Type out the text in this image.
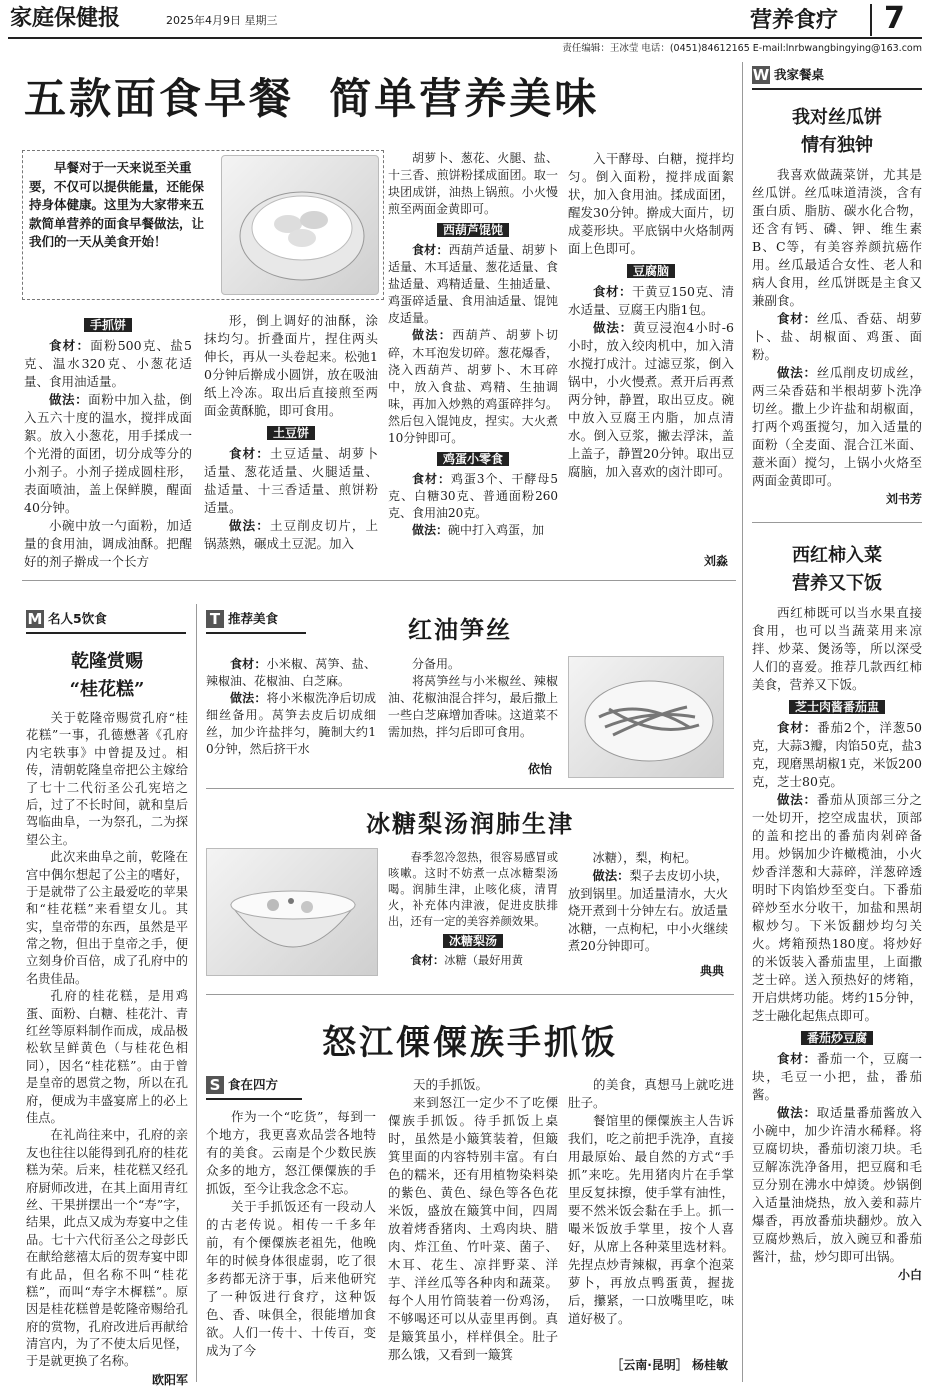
家庭保健报	2025年4月9日 星期三	营养食疗 7
责任编辑：王冰莹 电话：(0451)84612165 E-mail:lnrbwangbingying@163.com
五款面食早餐  简单营养美味
早餐对于一天来说至关重要，不仅可以提供能量，还能保持身体健康。这里为大家带来五款简单营养的面食早餐做法，让我们的一天从美食开始！
手抓饼

食材：面粉500克、盐5克、温水320克、小葱花适量、食用油适量。

做法：面粉中加入盐，倒入五六十度的温水，搅拌成面絮。放入小葱花，用手揉成一个光滑的面团，切分成等分的小剂子。小剂子搓成圆柱形，表面喷油，盖上保鲜膜，醒面40分钟。

小碗中放一勺面粉，加适量的食用油，调成油酥。把醒好的剂子擀成一个长方

形，倒上调好的油酥，涂抹均匀。折叠面片，捏住两头伸长，再从一头卷起来。松弛10分钟后擀成小圆饼，放在吸油纸上冷冻。取出后直接煎至两面金黄酥脆，即可食用。

土豆饼

食材：土豆适量、胡萝卜适量、葱花适量、火腿适量、盐适量、十三香适量、煎饼粉适量。

做法：土豆削皮切片，上锅蒸熟，碾成土豆泥。加入

胡萝卜、葱花、火腿、盐、十三香、煎饼粉揉成面团。取一块团成饼，油热上锅煎。小火慢煎至两面金黄即可。

西葫芦馄饨

食材：西葫芦适量、胡萝卜适量、木耳适量、葱花适量、食盐适量、鸡精适量、生抽适量、鸡蛋碎适量、食用油适量、馄饨皮适量。

做法：西葫芦、胡萝卜切碎，木耳泡发切碎。葱花爆香，浇入西葫芦、胡萝卜、木耳碎中，放入食盐、鸡精、生抽调味，再加入炒熟的鸡蛋碎拌匀。然后包入馄饨皮，捏实。大火煮10分钟即可。

鸡蛋小零食

食材：鸡蛋3个、干酵母5克、白糖30克、普通面粉260克、食用油20克。

做法：碗中打入鸡蛋，加

入干酵母、白糖，搅拌均匀。倒入面粉，搅拌成面絮状，加入食用油。揉成面团，醒发30分钟。擀成大面片，切成菱形块。平底锅中火烙制两面上色即可。

豆腐脑

食材：干黄豆150克、清水适量、豆腐王内脂1包。

做法：黄豆浸泡4小时-6小时，放入绞肉机中，加入清水搅打成汁。过滤豆浆，倒入锅中，小火慢煮。煮开后再煮两分钟，静置，取出豆皮。碗中放入豆腐王内脂，加点清水。倒入豆浆，撇去浮沫，盖上盖子，静置20分钟。取出豆腐脑，加入喜欢的卤汁即可。

刘淼
W 我家餐桌
我对丝瓜饼
情有独钟

我喜欢做蔬菜饼，尤其是丝瓜饼。丝瓜味道清淡，含有蛋白质、脂肪、碳水化合物，还含有钙、磷、钾、维生素B、C等，有美容养颜抗癌作用。丝瓜最适合女性、老人和病人食用，丝瓜饼既是主食又兼副食。

食材：丝瓜、香菇、胡萝卜、盐、胡椒面、鸡蛋、面粉。

做法：丝瓜削皮切成丝，两三朵香菇和半根胡萝卜洗净切丝。撒上少许盐和胡椒面，打两个鸡蛋搅匀，加入适量的面粉（全麦面、混合江米面、薏米面）搅匀，上锅小火烙至两面金黄即可。

刘书芳
西红柿入菜
营养又下饭

西红柿既可以当水果直接食用，也可以当蔬菜用来凉拌、炒菜、煲汤等，所以深受人们的喜爱。推荐几款西红柿美食，营养又下饭。

芝士肉酱番茄盅

食材：番茄2个，洋葱50克，大蒜3瓣，肉馅50克，盐3克，现磨黑胡椒1克，米饭200克，芝士80克。

做法：番茄从顶部三分之一处切开，挖空成盅状，顶部的盖和挖出的番茄肉剁碎备用。炒锅加少许橄榄油，小火炒香洋葱和大蒜碎，洋葱碎透明时下肉馅炒至变白。下番茄碎炒至水分收干，加盐和黑胡椒炒匀。下米饭翻炒均匀关火。烤箱预热180度。将炒好的米饭装入番茄盅里，上面撒芝士碎。送入预热好的烤箱，开启烘烤功能。烤约15分钟，芝士融化起焦点即可。

番茄炒豆腐

食材：番茄一个，豆腐一块，毛豆一小把，盐，番茄酱。

做法：取适量番茄酱放入小碗中，加少许清水稀释。将豆腐切块，番茄切滚刀块。毛豆解冻洗净备用，把豆腐和毛豆分别在沸水中焯烫。炒锅倒入适量油烧热，放入姜和蒜片爆香，再放番茄块翻炒。放入豆腐炒熟后，放入豌豆和番茄酱汁，盐，炒匀即可出锅。

小白
M 名人5饮食
乾隆赏赐
“桂花糕”

关于乾隆帝赐赏孔府“桂花糕”一事，孔德懋著《孔府内宅轶事》中曾提及过。相传，清朝乾隆皇帝把公主嫁给了七十二代衍圣公孔宪培之后，过了不长时间，就和皇后驾临曲阜，一为祭孔，二为探望公主。

此次来曲阜之前，乾隆在宫中偶尔想起了公主的嗜好，于是就带了公主最爱吃的苹果和“桂花糕”来看望女儿。其实，皇帝带的东西，虽然是平常之物，但出于皇帝之手，便立刻身价百倍，成了孔府中的名贵佳品。

孔府的桂花糕，是用鸡蛋、面粉、白糖、桂花汁、青红丝等原料制作而成，成品极松软呈鲜黄色（与桂花色相同），因名“桂花糕”。由于曾是皇帝的恩赏之物，所以在孔府，便成为丰盛宴席上的必上佳点。

在礼尚往来中，孔府的亲友也往往以能得到孔府的桂花糕为荣。后来，桂花糕又经孔府厨师改进，在其上面用青红丝、干果拼摆出一个“寿”字，结果，此点又成为寿宴中之佳品。七十六代衍圣公之母彭氏在献给慈禧太后的贺寿宴中即有此品，但名称不叫“桂花糕”，而叫“寿字木樨糕”。原因是桂花糕曾是乾隆帝赐给孔府的赏物，孔府改进后再献给清宫内，为了不使太后见怪，于是就更换了名称。

欧阳军
T 推荐美食	红油笋丝

食材：小米椒、莴笋、盐、辣椒油、花椒油、白芝麻。

做法：将小米椒洗净后切成细丝备用。莴笋去皮后切成细丝，加少许盐拌匀，腌制大约10分钟，然后挤干水

分备用。

将莴笋丝与小米椒丝、辣椒油、花椒油混合拌匀，最后撒上一些白芝麻增加香味。这道菜不需加热，拌匀后即可食用。

依怡
冰糖梨汤润肺生津

春季忽冷忽热，很容易感冒或咳嗽。这时不妨煮一点冰糖梨汤喝。润肺生津，止咳化痰，清胃火，补充体内津液，促进皮肤排出，还有一定的美容养颜效果。

冰糖梨汤

食材：冰糖（最好用黄

冰糖），梨，枸杞。

做法：梨子去皮切小块，放到锅里。加适量清水，大火烧开煮到十分钟左右。放适量冰糖，一点枸杞，中小火继续煮20分钟即可。

典典
怒江傈僳族手抓饭
S 食在四方

作为一个“吃货”，每到一个地方，我更喜欢品尝各地特有的美食。云南是个少数民族众多的地方，怒江傈僳族的手抓饭，至今让我念念不忘。

关于手抓饭还有一段动人的古老传说。相传一千多年前，有个傈僳族老祖先，他晚年的时候身体很虚弱，吃了很多药都无济于事，后来他研究了一种饭进行食疗，这种饭色、香、味俱全，很能增加食欲。人们一传十、十传百，变成为了今

天的手抓饭。

来到怒江一定少不了吃傈僳族手抓饭。待手抓饭上桌时，虽然是小簸箕装着，但簸箕里面的内容特别丰富。有白色的糯米，还有用植物染料染的紫色、黄色、绿色等各色花米饭，盛放在簸箕中间，四周放着烤香猪肉、土鸡肉块、腊肉、炸江鱼、竹叶菜、菌子、木耳、花生、凉拌野菜、洋芋、洋丝瓜等各种肉和蔬菜。每个人用竹筒装着一份鸡汤，不够喝还可以从壶里再倒。真是簸箕虽小，样样俱全。肚子那么饿，又看到一簸箕

的美食，真想马上就吃进肚子。

餐馆里的傈僳族主人告诉我们，吃之前把手洗净，直接用最原始、最自然的方式“手抓”来吃。先用猪肉片在手掌里反复抹擦，使手掌有油性，要不然米饭会黏在手上。抓一嘬米饭放手掌里，按个人喜好，从席上各种菜里选材料。先捏点炒青辣椒，再拿个泡菜萝卜，再放点鸭蛋黄，握拢后，攥紧，一口放嘴里吃，味道好极了。

［云南·昆明］ 杨桂敏
